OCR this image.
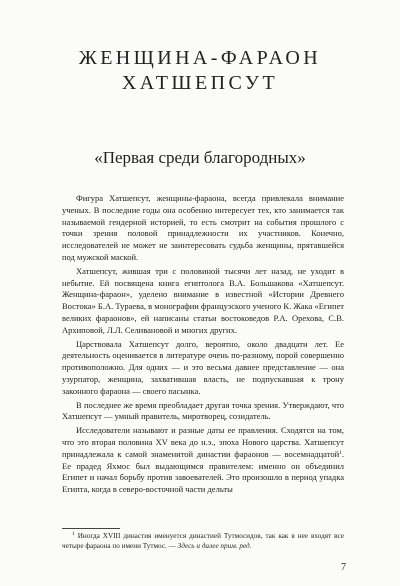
ЖЕНЩИНА-ФАРАОН
ХАТШЕПСУТ
«Первая среди благородных»

Фигура Хатшепсут, женщины-фараона, всегда привлекала внимание ученых. В последние годы она особенно интересует тех, кто занимается так называемой гендерной историей, то есть смотрит на события прошлого с точки зрения половой принадлежности их участников. Конечно, исследователей не может не заинтересовать судьба женщины, прятавшейся под мужской маской.

Хатшепсут, жившая три с половиной тысячи лет назад, не уходит в небытие. Ей посвящена книга египтолога В.А. Большакова «Хатшепсут. Женщина-фараон», уделено внимание в известной «Истории Древнего Востока» Б.А. Тураева, в монографии французского ученого К. Жака «Египет великих фараонов», ей написаны статьи востоковедов Р.А. Орехова, С.В. Архиповой, Л.Л. Селивановой и многих других.

Царствовала Хатшепсут долго, вероятно, около двадцати лет. Ее деятельность оценивается в литературе очень по-разному, порой совершенно противоположно. Для одних — и это весьма давнее представление — она узурпатор, женщина, захватившая власть, не подпускавшая к трону законного фараона — своего пасынка.

В последнее же время преобладает другая точка зрения. Утверждают, что Хатшепсут — умный правитель, миротворец, созидатель.

Исследователи называют и разные даты ее правления. Сходятся на том, что это вторая половина XV века до н.э., эпоха Нового царства. Хатшепсут принадлежала к самой знаменитой династии фараонов — восемнадцатой$^1$. Ее прадед Яхмос был выдающимся правителем: именно он объединил Египет и начал борьбу против завоевателей. Это произошло в период упадка Египта, когда в северо-восточной части дельты

$^1$ Иногда XVIII династия именуется династией Тутмосидов, так как в нее входят все четыре фараона по имени Тутмос. — Здесь и далее прим. ред.
7
